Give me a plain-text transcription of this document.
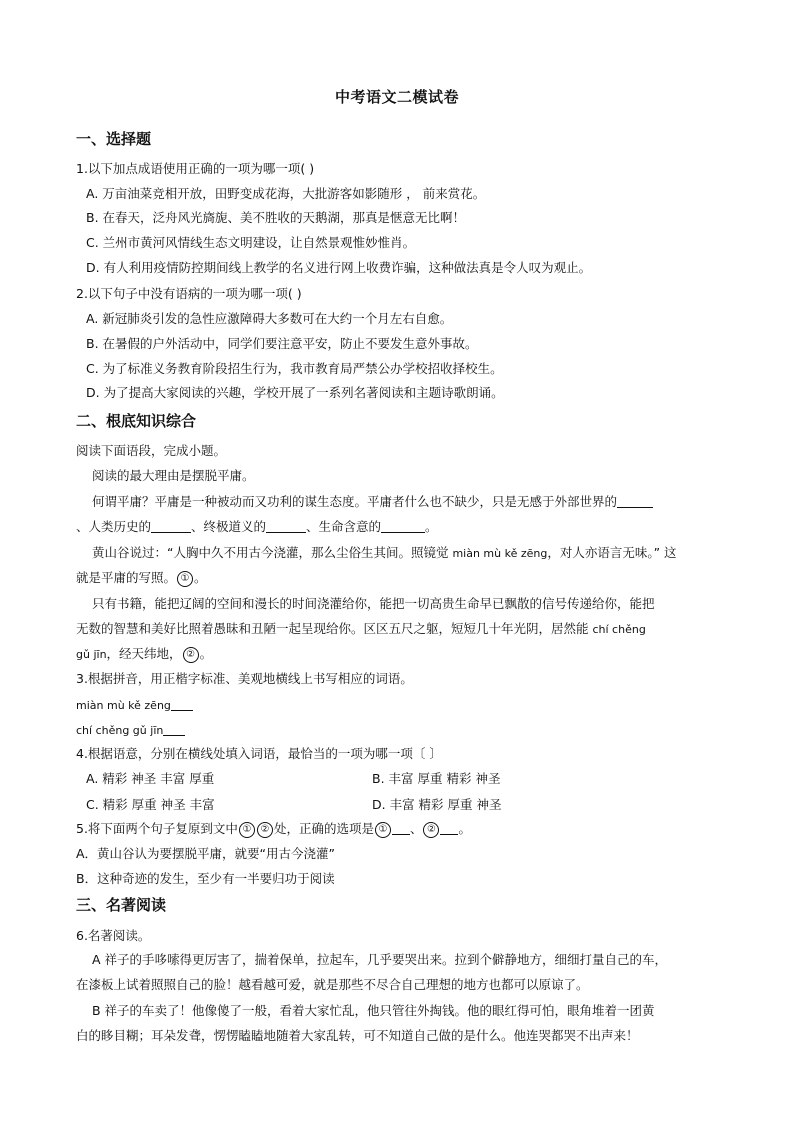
中考语文二模试卷
一、选择题
1.以下加点成语使用正确的一项为哪一项( )
A. 万亩油菜竞相开放，田野变成花海，大批游客如影随形 ， 前来赏花。
B. 在春天，泛舟风光旖旎、美不胜收的天鹅湖，那真是惬意无比啊！
C. 兰州市黄河风情线生态文明建设，让自然景观惟妙惟肖。
D. 有人利用疫情防控期间线上教学的名义进行网上收费诈骗，这种做法真是令人叹为观止。
2.以下句子中没有语病的一项为哪一项( )
A. 新冠肺炎引发的急性应激障碍大多数可在大约一个月左右自愈。
B. 在暑假的户外活动中，同学们要注意平安，防止不要发生意外事故。
C. 为了标准义务教育阶段招生行为，我市教育局严禁公办学校招收择校生。
D. 为了提高大家阅读的兴趣，学校开展了一系列名著阅读和主题诗歌朗诵。
二、根底知识综合
阅读下面语段，完成小题。
阅读的最大理由是摆脱平庸。
何谓平庸？平庸是一种被动而又功利的谋生态度。平庸者什么也不缺少，只是无感于外部世界的
、人类历史的	、终极道义的	、生命含意的	。
黄山谷说过：“人胸中久不用古今浇灌，那么尘俗生其间。照镜觉 miàn mù kě zēng，对人亦语言无味。” 这
就是平庸的写照。 ① 。
只有书籍，能把辽阔的空间和漫长的时间浇灌给你，能把一切高贵生命早已飘散的信号传递给你，能把
无数的智慧和美好比照着愚昧和丑陋一起呈现给你。区区五尺之躯，短短几十年光阴，居然能 chí chěng
gǔ jīn，经天纬地， ② 。
3.根据拼音，用正楷字标准、美观地横线上书写相应的词语。
miàn mù kě zēng
chí chěng gǔ jīn
4.根据语意，分别在横线处填入词语，最恰当的一项为哪一项〔 〕
A. 精彩 神圣 丰富 厚重	B. 丰富 厚重 精彩 神圣
C. 精彩 厚重 神圣 丰富	D. 丰富 精彩 厚重 神圣
5.将下面两个句子复原到文中 ① ② 处，正确的选项是 ① 、 ② 。
A．黄山谷认为要摆脱平庸，就要“用古今浇灌”
B．这种奇迹的发生，至少有一半要归功于阅读
三、名著阅读
6.名著阅读。
A 祥子的手哆嗦得更厉害了，揣着保单，拉起车，几乎要哭出来。拉到个僻静地方，细细打量自己的车，
在漆板上试着照照自己的脸！越看越可爱，就是那些不尽合自己理想的地方也都可以原谅了。
B 祥子的车卖了！他像傻了一般，看着大家忙乱，他只管往外掏钱。他的眼红得可怕，眼角堆着一团黄
白的眵目糊；耳朵发聋，愣愣瞌瞌地随着大家乱转，可不知道自己做的是什么。他连哭都哭不出声来！
